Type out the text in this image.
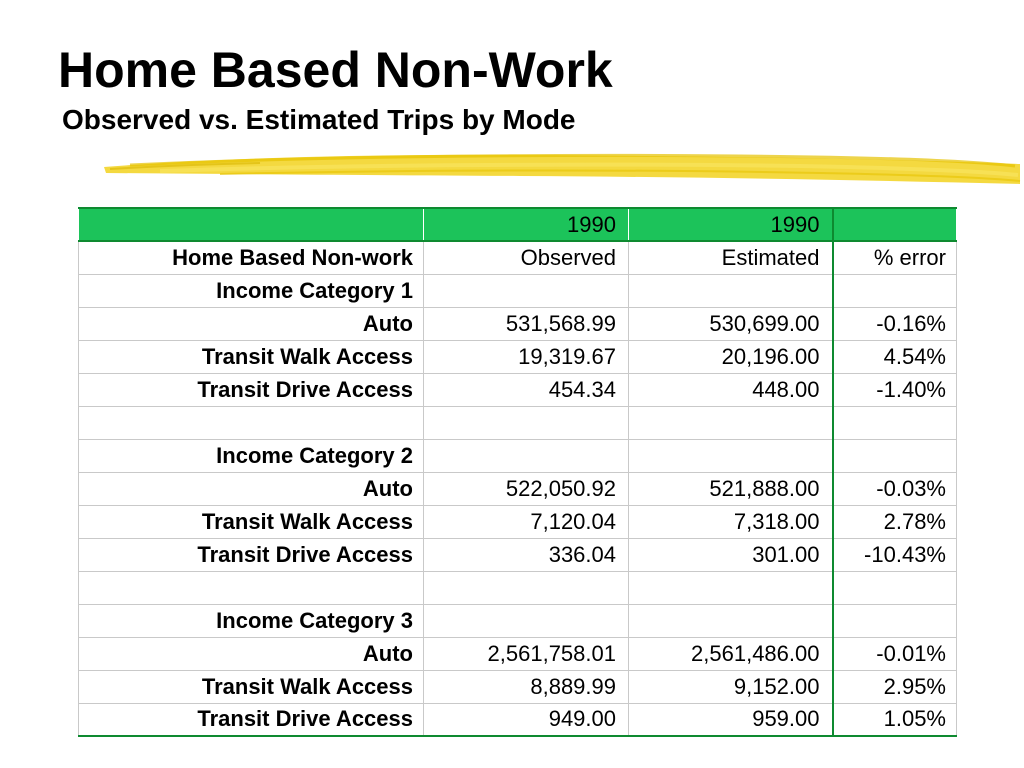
Home Based Non-Work
Observed vs. Estimated Trips by Mode
	1990	1990	
Home Based Non-work	Observed	Estimated	% error
Income Category 1			
Auto	531,568.99	530,699.00	-0.16%
Transit Walk Access	19,319.67	20,196.00	4.54%
Transit Drive Access	454.34	448.00	-1.40%

Income Category 2			
Auto	522,050.92	521,888.00	-0.03%
Transit Walk Access	7,120.04	7,318.00	2.78%
Transit Drive Access	336.04	301.00	-10.43%

Income Category 3			
Auto	2,561,758.01	2,561,486.00	-0.01%
Transit Walk Access	8,889.99	9,152.00	2.95%
Transit Drive Access	949.00	959.00	1.05%
